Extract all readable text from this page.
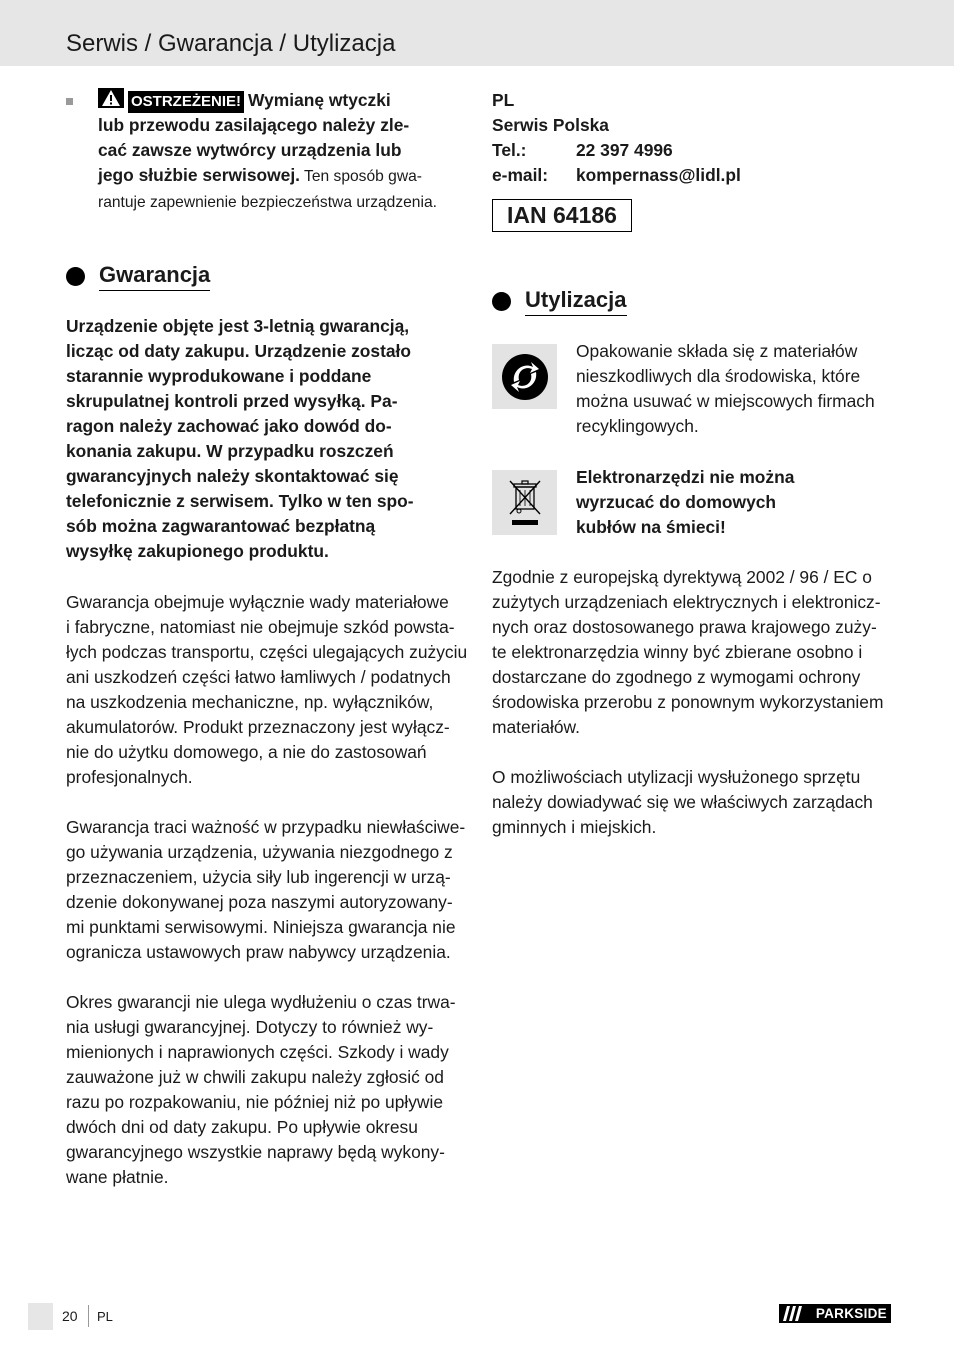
Serwis / Gwarancja / Utylizacja

OSTRZEŻENIE! Wymianę wtyczki
lub przewodu zasilającego należy zle-
cać zawsze wytwórcy urządzenia lub
jego służbie serwisowej. Ten sposób gwa-
rantuje zapewnienie bezpieczeństwa urządzenia.

Gwarancja

Urządzenie objęte jest 3-letnią gwarancją,
licząc od daty zakupu. Urządzenie zostało
starannie wyprodukowane i poddane
skrupulatnej kontroli przed wysyłką. Pa-
ragon należy zachować jako dowód do-
konania zakupu. W przypadku roszczeń
gwarancyjnych należy skontaktować się
telefonicznie z serwisem. Tylko w ten spo-
sób można zagwarantować bezpłatną
wysyłkę zakupionego produktu.

Gwarancja obejmuje wyłącznie wady materiałowe
i fabryczne, natomiast nie obejmuje szkód powsta-
łych podczas transportu, części ulegających zużyciu
ani uszkodzeń części łatwo łamliwych / podatnych
na uszkodzenia mechaniczne, np. wyłączników,
akumulatorów. Produkt przeznaczony jest wyłącz-
nie do użytku domowego, a nie do zastosowań
profesjonalnych.

Gwarancja traci ważność w przypadku niewłaściwe-
go używania urządzenia, używania niezgodnego z
przeznaczeniem, użycia siły lub ingerencji w urzą-
dzenie dokonywanej poza naszymi autoryzowany-
mi punktami serwisowymi. Niniejsza gwarancja nie
ogranicza ustawowych praw nabywcy urządzenia.

Okres gwarancji nie ulega wydłużeniu o czas trwa-
nia usługi gwarancyjnej. Dotyczy to również wy-
mienionych i naprawionych części. Szkody i wady
zauważone już w chwili zakupu należy zgłosić od
razu po rozpakowaniu, nie później niż po upływie
dwóch dni od daty zakupu. Po upływie okresu
gwarancyjnego wszystkie naprawy będą wykony-
wane płatnie.

PL
Serwis Polska
Tel.:	22 397 4996
e-mail:	kompernass@lidl.pl
IAN 64186
Utylizacja

Opakowanie składa się z materiałów
nieszkodliwych dla środowiska, które
można usuwać w miejscowych firmach
recyklingowych.

Elektronarzędzi nie można
wyrzucać do domowych
kubłów na śmieci!

Zgodnie z europejską dyrektywą 2002 / 96 / EC o
zużytych urządzeniach elektrycznych i elektronicz-
nych oraz dostosowanego prawa krajowego zuży-
te elektronarzędzia winny być zbierane osobno i
dostarczane do zgodnego z wymogami ochrony
środowiska przerobu z ponownym wykorzystaniem
materiałów.

O możliwościach utylizacji wysłużonego sprzętu
należy dowiadywać się we właściwych zarządach
gminnych i miejskich.

20 PL	PARKSIDE
